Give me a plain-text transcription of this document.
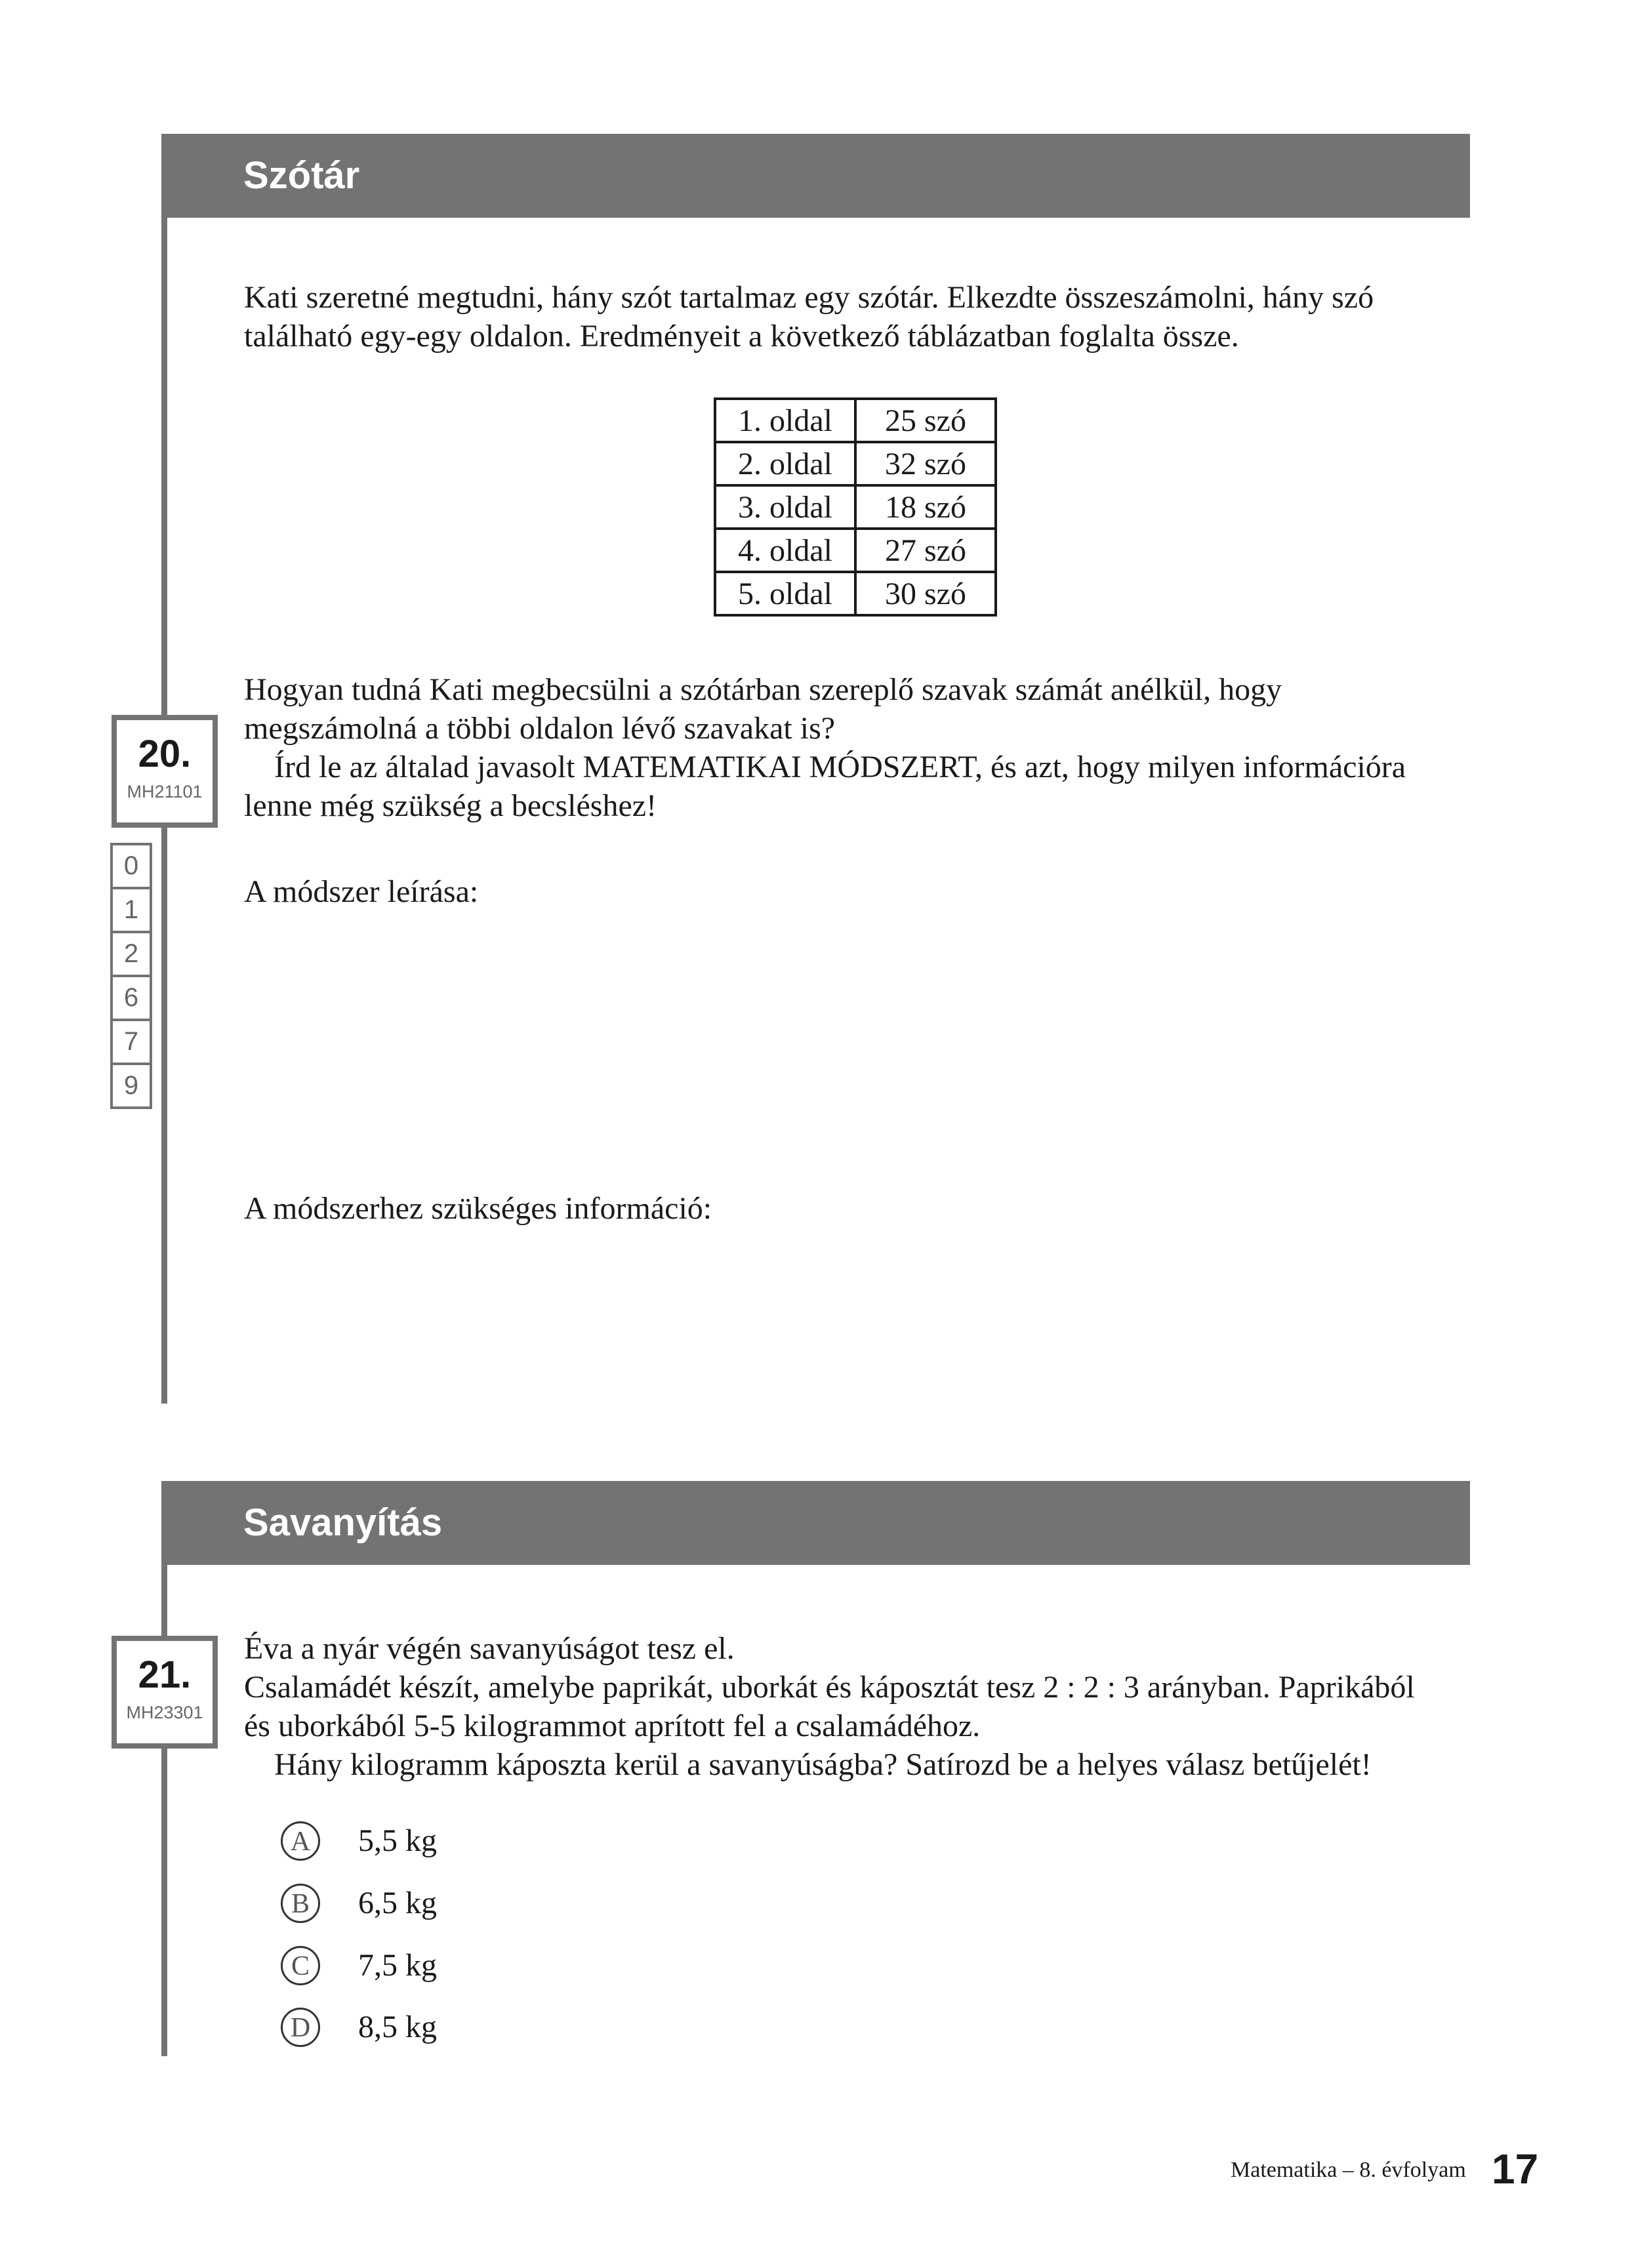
Szótár
20.
MH21101
0
1
2
6
7
9

Kati szeretné megtudni, hány szót tartalmaz egy szótár. Elkezdte összeszámolni, hány szó
található egy-egy oldalon. Eredményeit a következő táblázatban foglalta össze.

1. oldal	25 szó
2. oldal	32 szó
3. oldal	18 szó
4. oldal	27 szó
5. oldal	30 szó

Hogyan tudná Kati megbecsülni a szótárban szereplő szavak számát anélkül, hogy
megszámolná a többi oldalon lévő szavakat is?
Írd le az általad javasolt MATEMATIKAI MÓDSZERT, és azt, hogy milyen információra
lenne még szükség a becsléshez!

A módszer leírása:

A módszerhez szükséges információ:

Savanyítás
21.
MH23301

Éva a nyár végén savanyúságot tesz el.
Csalamádét készít, amelybe paprikát, uborkát és káposztát tesz 2 : 2 : 3 arányban. Paprikából
és uborkából 5-5 kilogrammot aprított fel a csalamádéhoz.
Hány kilogramm káposzta kerül a savanyúságba? Satírozd be a helyes válasz betűjelét!

A	5,5 kg
B	6,5 kg
C	7,5 kg
D	8,5 kg
Matematika – 8. évfolyam 17
